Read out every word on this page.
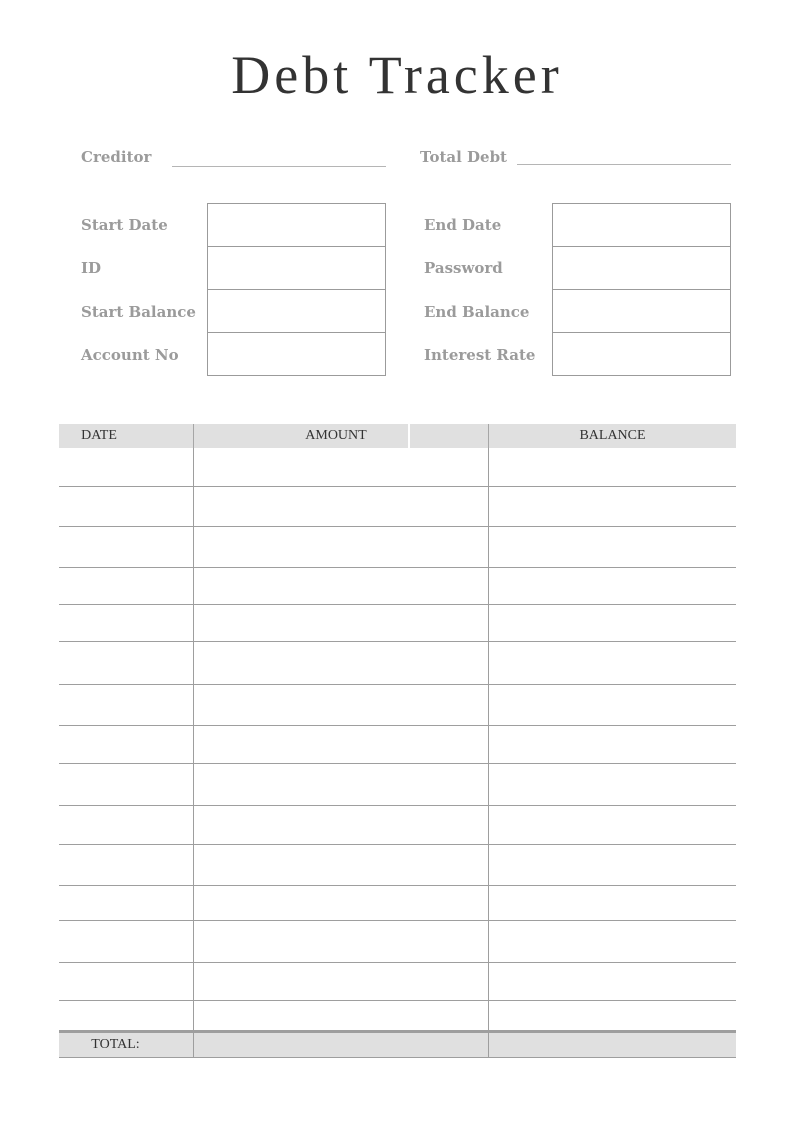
Debt Tracker
Creditor	Total Debt
Start Date
ID
Start Balance
Account No
End Date
Password
End Balance
Interest Rate
DATE	AMOUNT	BALANCE
TOTAL:
